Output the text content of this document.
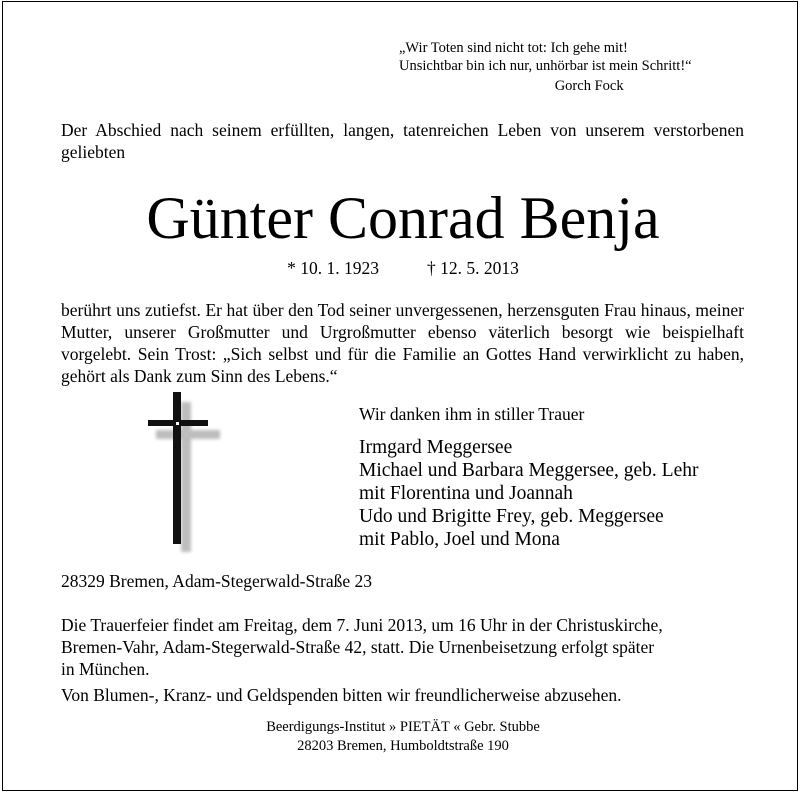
„Wir Toten sind nicht tot: Ich gehe mit!
Unsichtbar bin ich nur, unhörbar ist mein Schritt!“
Gorch Fock
Der Abschied nach seinem erfüllten, langen, tatenreichen Leben von unserem verstorbenen geliebten
Günter Conrad Benja
* 10. 1. 1923	† 12. 5. 2013
berührt uns zutiefst. Er hat über den Tod seiner unvergessenen, herzensguten Frau hinaus, meiner Mutter, unserer Großmutter und Urgroßmutter ebenso väterlich besorgt wie beispielhaft vorgelebt. Sein Trost: „Sich selbst und für die Familie an Gottes Hand verwirklicht zu haben, gehört als Dank zum Sinn des Lebens.“
Wir danken ihm in stiller Trauer
Irmgard Meggersee
Michael und Barbara Meggersee, geb. Lehr
mit Florentina und Joannah
Udo und Brigitte Frey, geb. Meggersee
mit Pablo, Joel und Mona
28329 Bremen, Adam-Stegerwald-Straße 23
Die Trauerfeier findet am Freitag, dem 7. Juni 2013, um 16 Uhr in der Christuskirche,
Bremen-Vahr, Adam-Stegerwald-Straße 42, statt. Die Urnenbeisetzung erfolgt später
in München.
Von Blumen-, Kranz- und Geldspenden bitten wir freundlicherweise abzusehen.
Beerdigungs-Institut » PIETÄT « Gebr. Stubbe
28203 Bremen, Humboldtstraße 190
